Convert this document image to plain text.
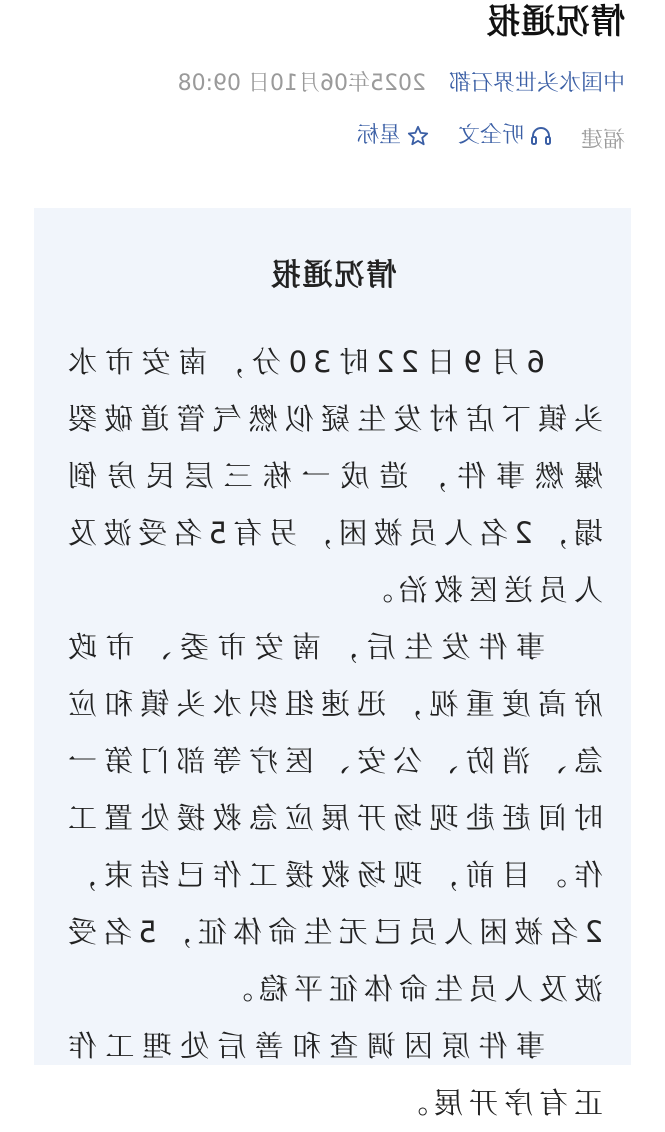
情况通报
中国水头世界石都 2025年06月10日 09:08
福建
听全文

星标
情况通报

6月9日22时30分，南安市水头镇下店村发生疑似燃气管道破裂爆燃事件，造成一栋三层民房倒塌，2名人员被困，另有5名受波及人员送医救治。

事件发生后，南安市委、市政府高度重视，迅速组织水头镇和应急、消防、公安、医疗等部门第一时间赶赴现场开展应急救援处置工作。目前，现场救援工作已结束，2名被困人员已无生命体征，5名受波及人员生命体征平稳。

事件原因调查和善后处理工作正有序开展。
